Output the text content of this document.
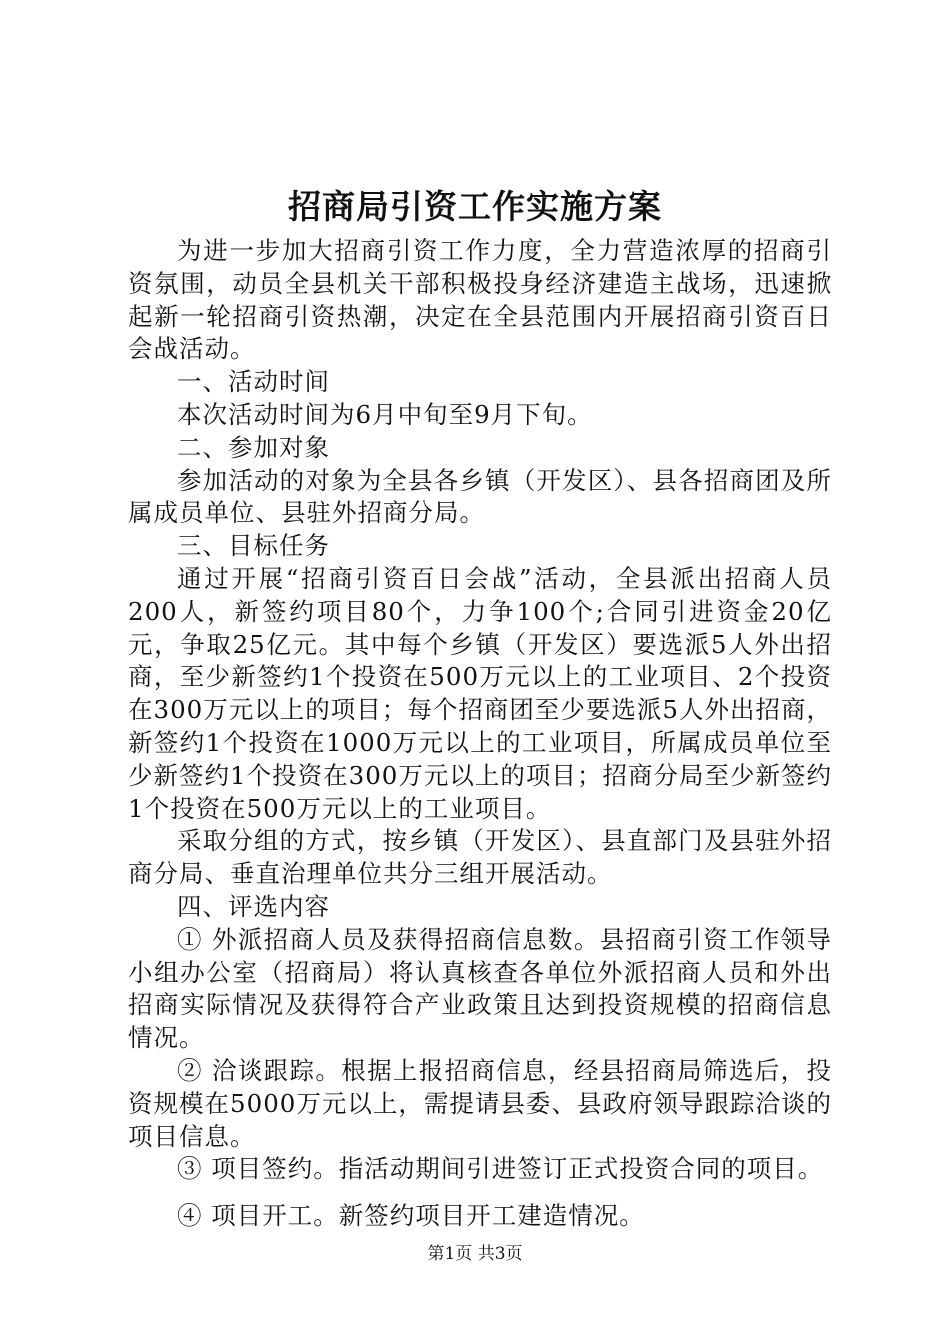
招商局引资工作实施方案

为进一步加大招商引资工作力度，全力营造浓厚的招商引资氛围，动员全县机关干部积极投身经济建造主战场，迅速掀起新一轮招商引资热潮，决定在全县范围内开展招商引资百日会战活动。

一、活动时间

本次活动时间为6月中旬至9月下旬。

二、参加对象

参加活动的对象为全县各乡镇（开发区）、县各招商团及所属成员单位、县驻外招商分局。

三、目标任务

通过开展“招商引资百日会战”活动，全县派出招商人员200人，新签约项目80个，力争100个;合同引进资金20亿元，争取25亿元。其中每个乡镇（开发区）要选派5人外出招商，至少新签约1个投资在500万元以上的工业项目、2个投资在300万元以上的项目；每个招商团至少要选派5人外出招商，新签约1个投资在1000万元以上的工业项目，所属成员单位至少新签约1个投资在300万元以上的项目；招商分局至少新签约1个投资在500万元以上的工业项目。

采取分组的方式，按乡镇（开发区）、县直部门及县驻外招商分局、垂直治理单位共分三组开展活动。

四、评选内容

① 外派招商人员及获得招商信息数。县招商引资工作领导小组办公室（招商局）将认真核查各单位外派招商人员和外出招商实际情况及获得符合产业政策且达到投资规模的招商信息情况。

② 洽谈跟踪。根据上报招商信息，经县招商局筛选后，投资规模在5000万元以上，需提请县委、县政府领导跟踪洽谈的项目信息。

③ 项目签约。指活动期间引进签订正式投资合同的项目。

④ 项目开工。新签约项目开工建造情况。

第1页 共3页
